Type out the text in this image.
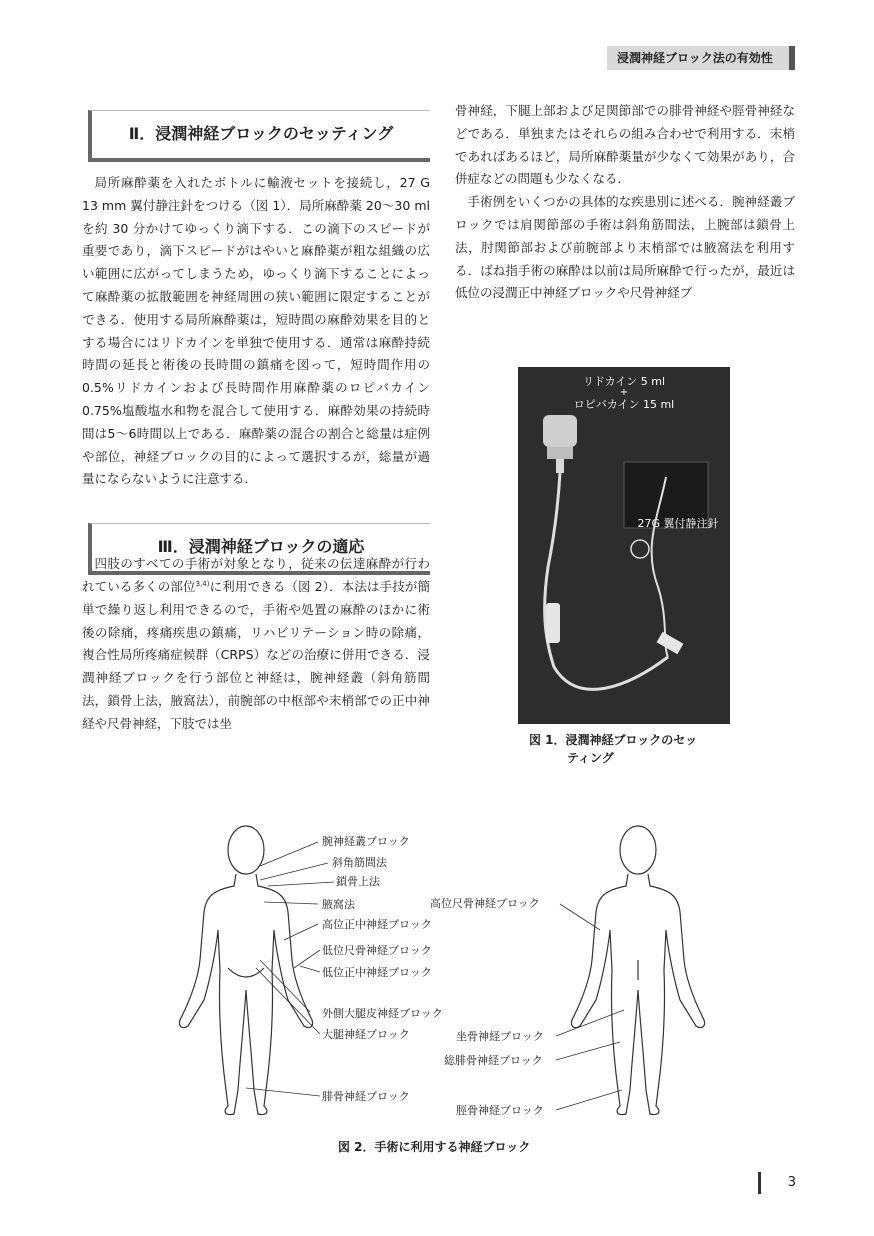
浸潤神経ブロック法の有効性
Ⅱ．浸潤神経ブロックのセッティング

局所麻酔薬を入れたボトルに輸液セットを接続し，27 G 13 mm 翼付静注針をつける（図 1）．局所麻酔薬 20〜30 ml を約 30 分かけてゆっくり滴下する．この滴下のスピードが重要であり，滴下スピードがはやいと麻酔薬が粗な組織の広い範囲に広がってしまうため，ゆっくり滴下することによって麻酔薬の拡散範囲を神経周囲の狭い範囲に限定することができる．使用する局所麻酔薬は，短時間の麻酔効果を目的とする場合にはリドカインを単独で使用する．通常は麻酔持続時間の延長と術後の長時間の鎮痛を図って，短時間作用の 0.5%リドカインおよび長時間作用麻酔薬のロピバカイン 0.75%塩酸塩水和物を混合して使用する．麻酔効果の持続時間は5〜6時間以上である．麻酔薬の混合の割合と総量は症例や部位，神経ブロックの目的によって選択するが，総量が過量にならないように注意する．

四肢のすべての手術が対象となり，従来の伝達麻酔が行われている多くの部位$^{3,4)}$に利用できる（図 2）．本法は手技が簡単で繰り返し利用できるので，手術や処置の麻酔のほかに術後の除痛，疼痛疾患の鎮痛，リハビリテーション時の除痛，複合性局所疼痛症候群（CRPS）などの治療に併用できる．浸潤神経ブロックを行う部位と神経は，腕神経叢（斜角筋間法，鎖骨上法，腋窩法），前腕部の中枢部や末梢部での正中神経や尺骨神経，下肢では坐

Ⅲ．浸潤神経ブロックの適応

骨神経，下腿上部および足関節部での腓骨神経や脛骨神経などである．単独またはそれらの組み合わせで利用する．末梢であればあるほど，局所麻酔薬量が少なくて効果があり，合併症などの問題も少なくなる．

手術例をいくつかの具体的な疾患別に述べる．腕神経叢ブロックでは肩関節部の手術は斜角筋間法，上腕部は鎖骨上法，肘関節部および前腕部より末梢部では腋窩法を利用する．ばね指手術の麻酔は以前は局所麻酔で行ったが，最近は低位の浸潤正中神経ブロックや尺骨神経ブ

リドカイン 5 ml
+
ロピバカイン 15 ml
27G 翼付静注針
図 1．浸潤神経ブロックのセッ
ティング
腕神経叢ブロック
斜角筋間法
鎖骨上法
腋窩法
高位正中神経ブロック
低位尺骨神経ブロック
低位正中神経ブロック
外側大腿皮神経ブロック
大腿神経ブロック
腓骨神経ブロック
高位尺骨神経ブロック
坐骨神経ブロック
総腓骨神経ブロック
脛骨神経ブロック
図 2．手術に利用する神経ブロック
3
